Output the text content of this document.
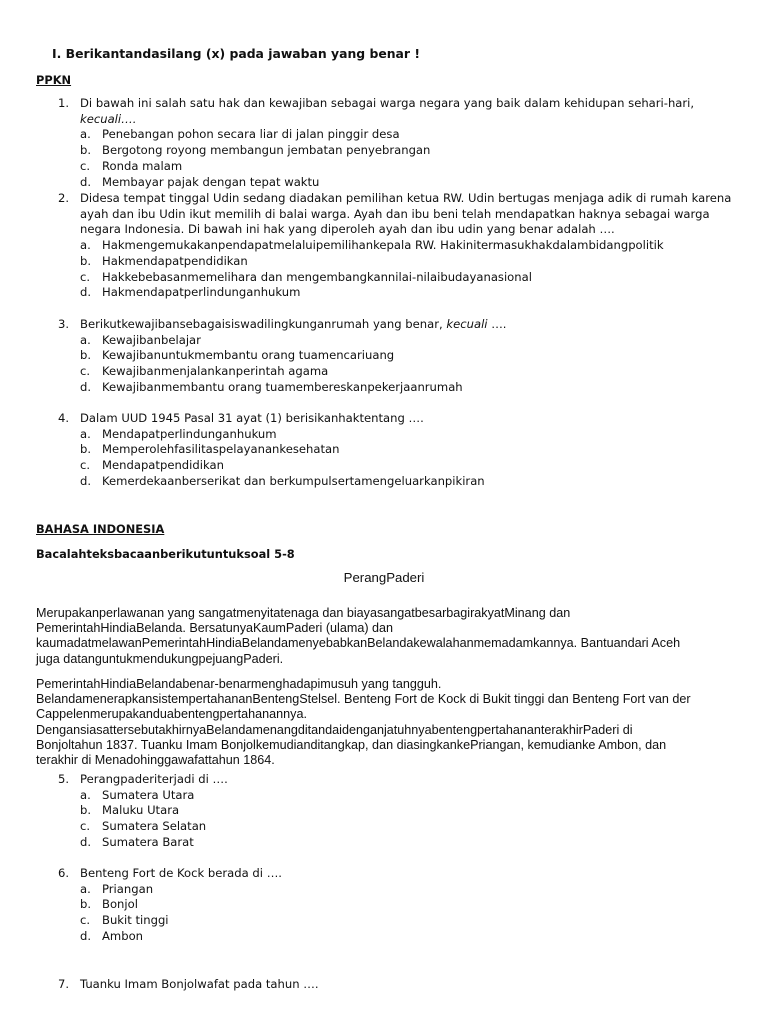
I. Berikantandasilang (x) pada jawaban yang benar !
PPKN
1. Di bawah ini salah satu hak dan kewajiban sebagai warga negara yang baik dalam kehidupan sehari-hari, kecuali….
a. Penebangan pohon secara liar di jalan pinggir desa
b. Bergotong royong membangun jembatan penyebrangan
c.	Ronda malam
d. Membayar pajak dengan tepat waktu
2. Didesa tempat tinggal Udin sedang diadakan pemilihan ketua RW. Udin bertugas menjaga adik di rumah karena ayah dan ibu Udin ikut memilih di balai warga. Ayah dan ibu beni telah mendapatkan haknya sebagai warga negara Indonesia. Di bawah ini hak yang diperoleh ayah dan ibu udin yang benar adalah ….
a. Hakmengemukakanpendapatmelaluipemilihankepala RW. Hakinitermasukhakdalambidangpolitik
b. Hakmendapatpendidikan
c.	Hakkebebasanmemelihara dan mengembangkannilai-nilaibudayanasional
d. Hakmendapatperlindunganhukum
3. Berikutkewajibansebagaisiswadilingkunganrumah yang benar, kecuali ….
a. Kewajibanbelajar
b. Kewajibanuntukmembantu orang tuamencariuang
c.	Kewajibanmenjalankanperintah agama
d. Kewajibanmembantu orang tuamembereskanpekerjaanrumah
4. Dalam UUD 1945 Pasal 31 ayat (1) berisikanhaktentang ….
a. Mendapatperlindunganhukum
b. Memperolehfasilitaspelayanankesehatan
c.	Mendapatpendidikan
d. Kemerdekaanberserikat dan berkumpulsertamengeluarkanpikiran
BAHASA INDONESIA
Bacalahteksbacaanberikutuntuksoal 5-8
PerangPaderi
Merupakanperlawanan yang sangatmenyitatenaga dan biayasangatbesarbagirakyatMinang dan
PemerintahHindiaBelanda. BersatunyaKaumPaderi (ulama) dan
kaumadatmelawanPemerintahHindiaBelandamenyebabkanBelandakewalahanmemadamkannya. Bantuandari Aceh
juga datanguntukmendukungpejuangPaderi.
PemerintahHindiaBelandabenar-benarmenghadapimusuh yang tangguh.
BelandamenerapkansistempertahananBentengStelsel. Benteng Fort de Kock di Bukit tinggi dan Benteng Fort van der
Cappelenmerupakanduabentengpertahanannya.
DengansiasattersebutakhirnyaBelandamenangditandaidenganjatuhnyabentengpertahananterakhirPaderi di
Bonjoltahun 1837. Tuanku Imam Bonjolkemudianditangkap, dan diasingkankePriangan, kemudianke Ambon, dan
terakhir di Menadohinggawafattahun 1864.
5. Perangpaderiterjadi di ….
a. Sumatera Utara
b. Maluku Utara
c.	Sumatera Selatan
d. Sumatera Barat
6. Benteng Fort de Kock berada di ….
a. Priangan
b. Bonjol
c.	Bukit tinggi
d. Ambon
7. Tuanku Imam Bonjolwafat pada tahun ….
